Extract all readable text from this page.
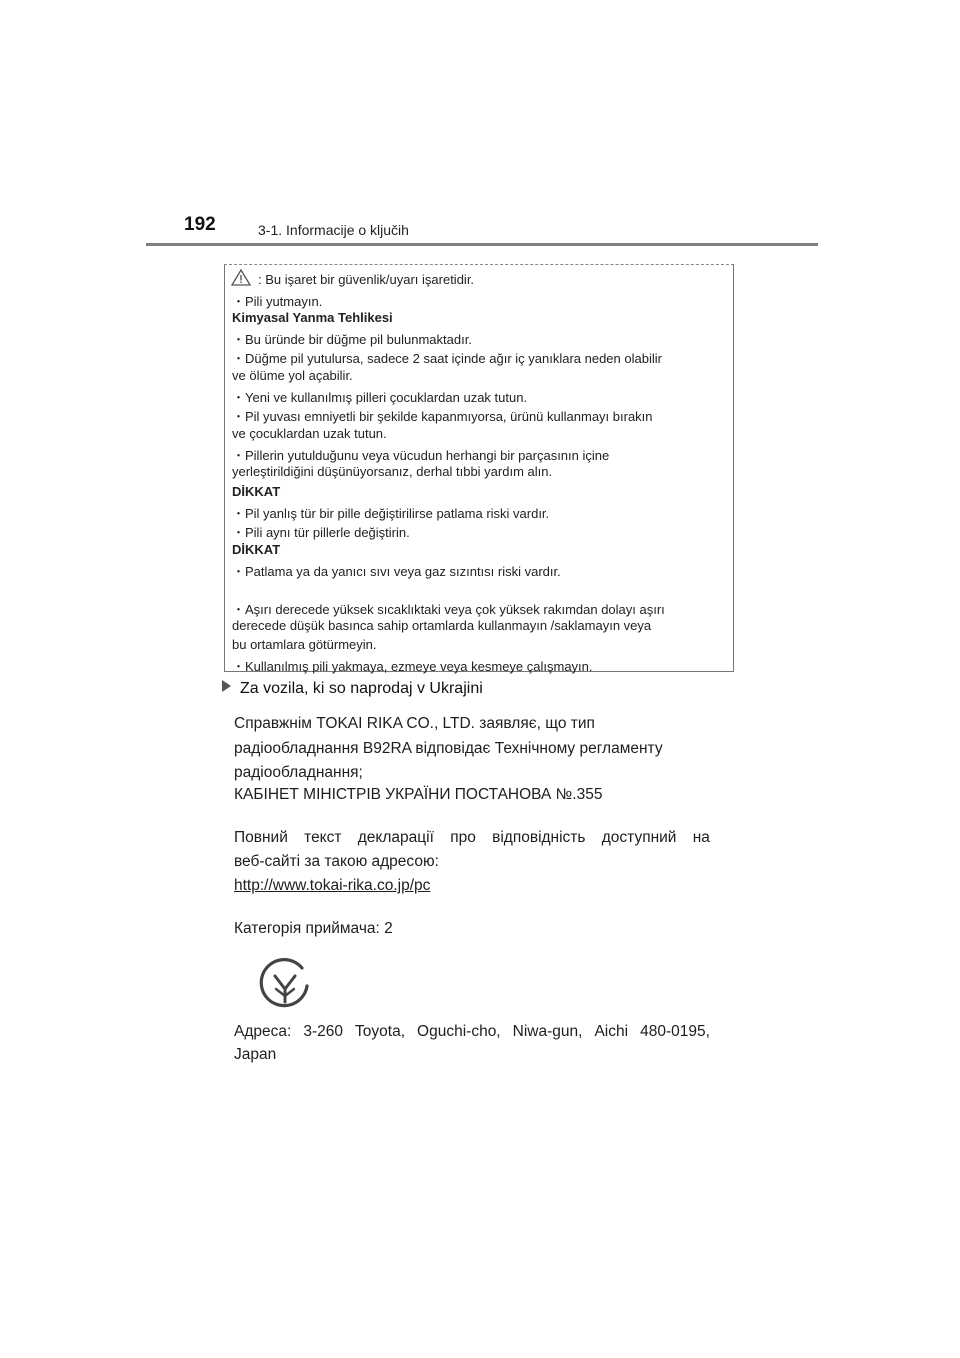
192	3-1. Informacije o ključih
: Bu işaret bir güvenlik/uyarı işaretidir.
・Pili yutmayın.
Kimyasal Yanma Tehlikesi
・Bu üründe bir düğme pil bulunmaktadır.
・Düğme pil yutulursa, sadece 2 saat içinde ağır iç yanıklara neden olabilir
ve ölüme yol açabilir.
・Yeni ve kullanılmış pilleri çocuklardan uzak tutun.
・Pil yuvası emniyetli bir şekilde kapanmıyorsa, ürünü kullanmayı bırakın
ve çocuklardan uzak tutun.
・Pillerin yutulduğunu veya vücudun herhangi bir parçasının içine
yerleştirildiğini düşünüyorsanız, derhal tıbbi yardım alın.
DİKKAT
・Pil yanlış tür bir pille değiştirilirse patlama riski vardır.
・Pili aynı tür pillerle değiştirin.
DİKKAT
・Patlama ya da yanıcı sıvı veya gaz sızıntısı riski vardır.
・Aşırı derecede yüksek sıcaklıktaki veya çok yüksek rakımdan dolayı aşırı
derecede düşük basınca sahip ortamlarda kullanmayın /saklamayın veya
bu ortamlara götürmeyin.
・Kullanılmış pili yakmaya, ezmeye veya kesmeye çalışmayın.
Za vozila, ki so naprodaj v Ukrajini
Справжнім TOKAI RIKA CO., LTD. заявляє, що тип
радіообладнання B92RA відповідає Технічному регламенту
радіообладнання;
КАБІНЕТ МІНІСТРІВ УКРАЇНИ ПОСТАНОВА №.355
Повний текст декларації про відповідність доступний на
веб-сайті за такою адресою:
http://www.tokai-rika.co.jp/pc
Категорія приймача: 2
Адреса: 3-260 Toyota, Oguchi-cho, Niwa-gun, Aichi 480-0195,
Japan
